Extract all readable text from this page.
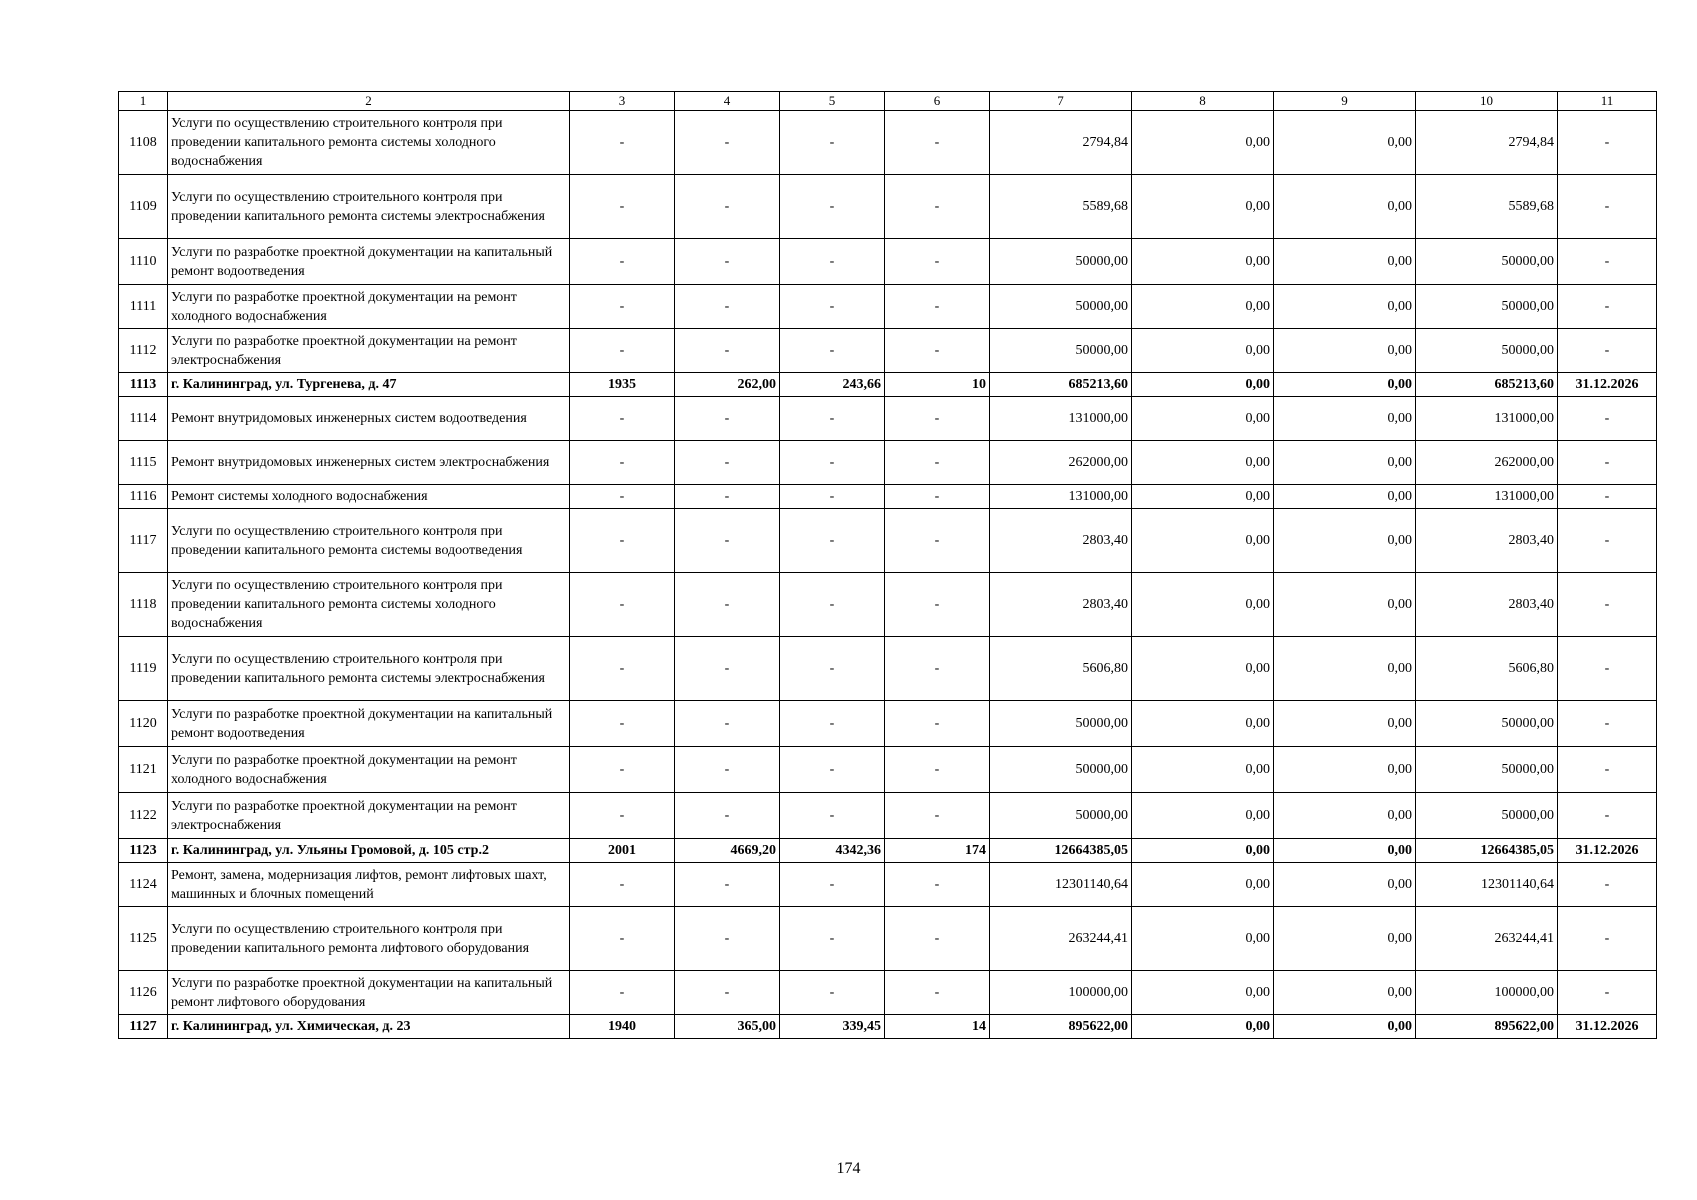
1	2	3	4	5	6	7	8	9	10	11
1108	Услуги по осуществлению строительного контроля при проведении капитального ремонта системы холодного водоснабжения	-	-	-	-	2794,84	0,00	0,00	2794,84	-
1109	Услуги по осуществлению строительного контроля при проведении капитального ремонта системы электроснабжения	-	-	-	-	5589,68	0,00	0,00	5589,68	-
1110	Услуги по разработке проектной документации на капитальный ремонт водоотведения	-	-	-	-	50000,00	0,00	0,00	50000,00	-
1111	Услуги по разработке проектной документации на ремонт холодного водоснабжения	-	-	-	-	50000,00	0,00	0,00	50000,00	-
1112	Услуги по разработке проектной документации на ремонт электроснабжения	-	-	-	-	50000,00	0,00	0,00	50000,00	-
1113	г. Калининград, ул. Тургенева, д. 47	1935	262,00	243,66	10	685213,60	0,00	0,00	685213,60	31.12.2026
1114	Ремонт внутридомовых инженерных систем водоотведения	-	-	-	-	131000,00	0,00	0,00	131000,00	-
1115	Ремонт внутридомовых инженерных систем электроснабжения	-	-	-	-	262000,00	0,00	0,00	262000,00	-
1116	Ремонт системы холодного водоснабжения	-	-	-	-	131000,00	0,00	0,00	131000,00	-
1117	Услуги по осуществлению строительного контроля при проведении капитального ремонта системы водоотведения	-	-	-	-	2803,40	0,00	0,00	2803,40	-
1118	Услуги по осуществлению строительного контроля при проведении капитального ремонта системы холодного водоснабжения	-	-	-	-	2803,40	0,00	0,00	2803,40	-
1119	Услуги по осуществлению строительного контроля при проведении капитального ремонта системы электроснабжения	-	-	-	-	5606,80	0,00	0,00	5606,80	-
1120	Услуги по разработке проектной документации на капитальный ремонт водоотведения	-	-	-	-	50000,00	0,00	0,00	50000,00	-
1121	Услуги по разработке проектной документации на ремонт холодного водоснабжения	-	-	-	-	50000,00	0,00	0,00	50000,00	-
1122	Услуги по разработке проектной документации на ремонт электроснабжения	-	-	-	-	50000,00	0,00	0,00	50000,00	-
1123	г. Калининград, ул. Ульяны Громовой, д. 105 стр.2	2001	4669,20	4342,36	174	12664385,05	0,00	0,00	12664385,05	31.12.2026
1124	Ремонт, замена, модернизация лифтов, ремонт лифтовых шахт, машинных и блочных помещений	-	-	-	-	12301140,64	0,00	0,00	12301140,64	-
1125	Услуги по осуществлению строительного контроля при проведении капитального ремонта лифтового оборудования	-	-	-	-	263244,41	0,00	0,00	263244,41	-
1126	Услуги по разработке проектной документации на капитальный ремонт лифтового оборудования	-	-	-	-	100000,00	0,00	0,00	100000,00	-
1127	г. Калининград, ул. Химическая, д. 23	1940	365,00	339,45	14	895622,00	0,00	0,00	895622,00	31.12.2026
174
